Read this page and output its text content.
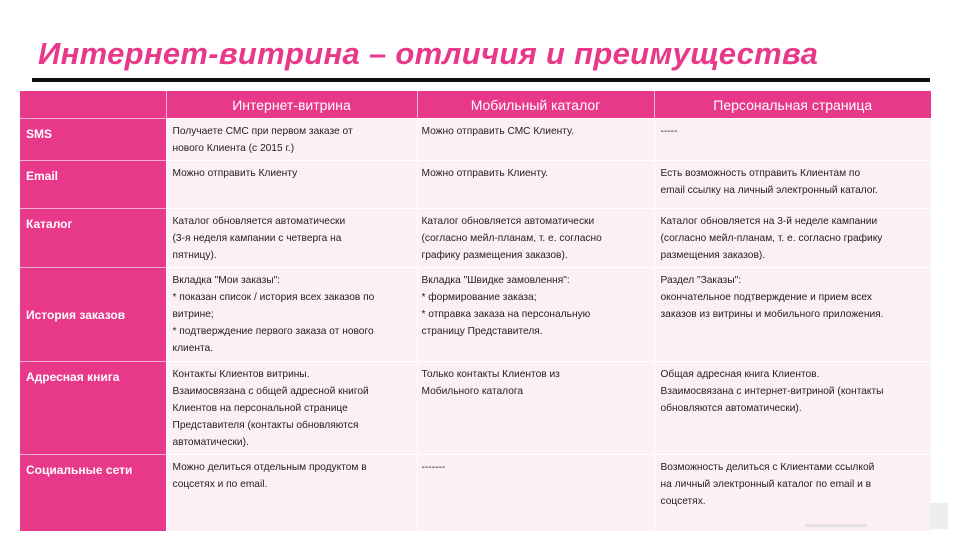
Интернет-витрина – отличия и преимущества
	Интернет-витрина	Мобильный каталог	Персональная страница
SMS	Получаете СМС при первом заказе от
нового Клиента (с 2015 г.)	Можно отправить СМС Клиенту.	-----
Email	Можно отправить Клиенту	Можно отправить Клиенту.	Есть возможность отправить Клиентам по
email ссылку на личный электронный каталог.
Каталог	Каталог обновляется автоматически
(3-я неделя кампании с четверга на
пятницу).	Каталог обновляется автоматически
(согласно мейл-планам, т. е. согласно
графику размещения заказов).	Каталог обновляется на 3-й неделе кампании
(согласно мейл-планам, т. е. согласно графику
размещения заказов).
История заказов	Вкладка "Мои заказы":
* показан список / история всех заказов по
витрине;
* подтверждение первого заказа от нового
клиента.	Вкладка "Швидке замовлення":
* формирование заказа;
* отправка заказа на персональную
страницу Представителя.	Раздел "Заказы":
окончательное подтверждение и прием всех
заказов из витрины и мобильного приложения.
Адресная книга	Контакты Клиентов витрины.
Взаимосвязана с общей адресной книгой
Клиентов на персональной странице
Представителя (контакты обновляются
автоматически).	Только контакты Клиентов из
Мобильного каталога	Общая адресная книга Клиентов.
Взаимосвязана с интернет-витриной (контакты
обновляются автоматически).
Социальные сети	Можно делиться отдельным продуктом в
соцсетях и по email.	-------	Возможность делиться с Клиентами ссылкой
на личный электронный каталог по email и в
соцсетях.
